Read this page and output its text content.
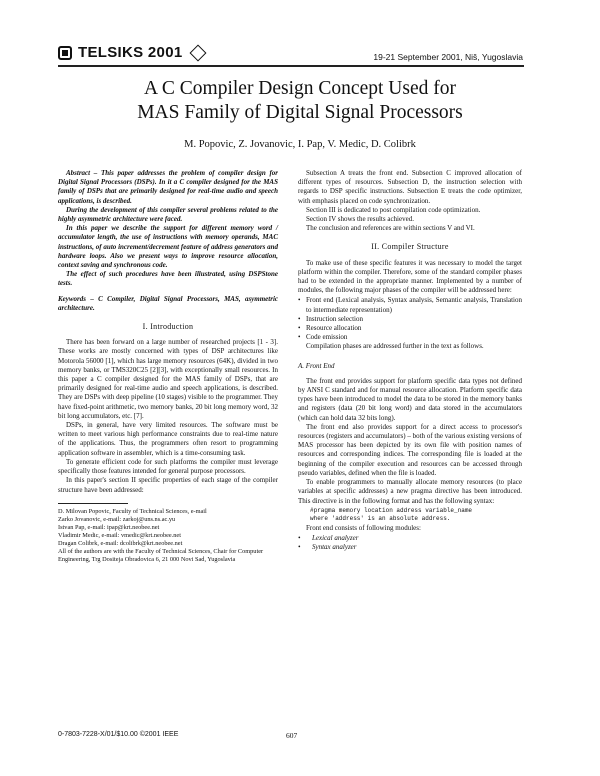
TELSIKS 2001	19-21 September 2001, Niš, Yugoslavia
A C Compiler Design Concept Used for
MAS Family of Digital Signal Processors
M. Popovic, Z. Jovanovic, I. Pap, V. Medic, D. Colibrk

Abstract – This paper addresses the problem of compiler design for Digital Signal Processors (DSPs). In it a C compiler designed for the MAS family of DSPs that are primarily designed for real-time audio and speech applications, is described.

During the development of this compiler several problems related to the highly asymmetric architecture were faced.

In this paper we describe the support for different memory word / accumulator length, the use of instructions with memory operands, MAC instructions, of auto increment/decrement feature of address generators and hardware loops. Also we present ways to improve resource allocation, context saving and synchronous code.

The effect of such procedures have been illustrated, using DSPStone tests.

Keywords – C Compiler, Digital Signal Processors, MAS, asymmetric architecture.
I. Introduction

There has been forward on a large number of researched projects [1 - 3]. These works are mostly concerned with types of DSP architectures like Motorola 56000 [1], which has large memory resources (64K), divided in two memory banks, or TMS320C25 [2][3], with exceptionally small resources. In this paper a C compiler designed for the MAS family of DSPs, that are primarily designed for real-time audio and speech applications, is described. They are DSPs with deep pipeline (10 stages) visible to the programmer. They have fixed-point arithmetic, two memory banks, 20 bit long memory word, 32 bit long accumulators, etc. [7].

DSPs, in general, have very limited resources. The software must be written to meet various high performance constraints due to real-time nature of the applications. Thus, the programmers often resort to programming application software in assembler, which is a time-consuming task.

To generate efficient code for such platforms the compiler must leverage specifically those features intended for general purpose processors.

In this paper's section II specific properties of each stage of the compiler structure have been addressed:

D. Milovan Popovic, Faculty of Technical Sciences, e-mail
Zarko Jovanovic, e-mail: zarkoj@uns.ns.ac.yu
Istvan Pap, e-mail: ipap@krt.neobee.net
Vladimir Medic, e-mail: vmedic@krt.neobee.net
Dragan Colibrk, e-mail: dcolibrk@krt.neobee.net
All of the authors are with the Faculty of Technical Sciences, Chair for Computer Engineering, Trg Dositeja Obradovica 6, 21 000 Novi Sad, Yugoslavia

Subsection A treats the front end. Subsection C improved allocation of different types of resources. Subsection D, the instruction selection with regards to DSP specific instructions. Subsection E treats the code optimizer, with emphasis placed on code synchronization.

Section III is dedicated to post compilation code optimization.

Section IV shows the results achieved.

The conclusion and references are within sections V and VI.

II. Compiler Structure

To make use of these specific features it was necessary to model the target platform within the compiler. Therefore, some of the standard compiler phases had to be extended in the appropriate manner. Implemented by a number of modules, the following major phases of the compiler will be addressed here:

• Front end (Lexical analysis, Syntax analysis, Semantic analysis, Translation to intermediate representation)
• Instruction selection
• Resource allocation
• Code emission

Compilation phases are addressed further in the text as follows.

A. Front End

The front end provides support for platform specific data types not defined by ANSI C standard and for manual resource allocation. Platform specific data types have been introduced to model the data to be stored in the memory banks and registers (data (20 bit long word) and data stored in the accumulators (which can hold data 32 bits long).

The front end also provides support for a direct access to processor's resources (registers and accumulators) – both of the various existing versions of MAS processor has been depicted by its own file with position names of resources and corresponding indices. The corresponding file is loaded at the beginning of the compiler execution and resources can be accessed through pseudo variables, defined when the file is loaded.

To enable programmers to manually allocate memory resources (to place variables at specific addresses) a new pragma directive has been introduced. This directive is in the following format and has the following syntax:

#pragma memory location address variable_name
where 'address' is an absolute address.

Front end consists of following modules:

• Lexical analyzer
• Syntax analyzer
0-7803-7228-X/01/$10.00 ©2001 IEEE	607
